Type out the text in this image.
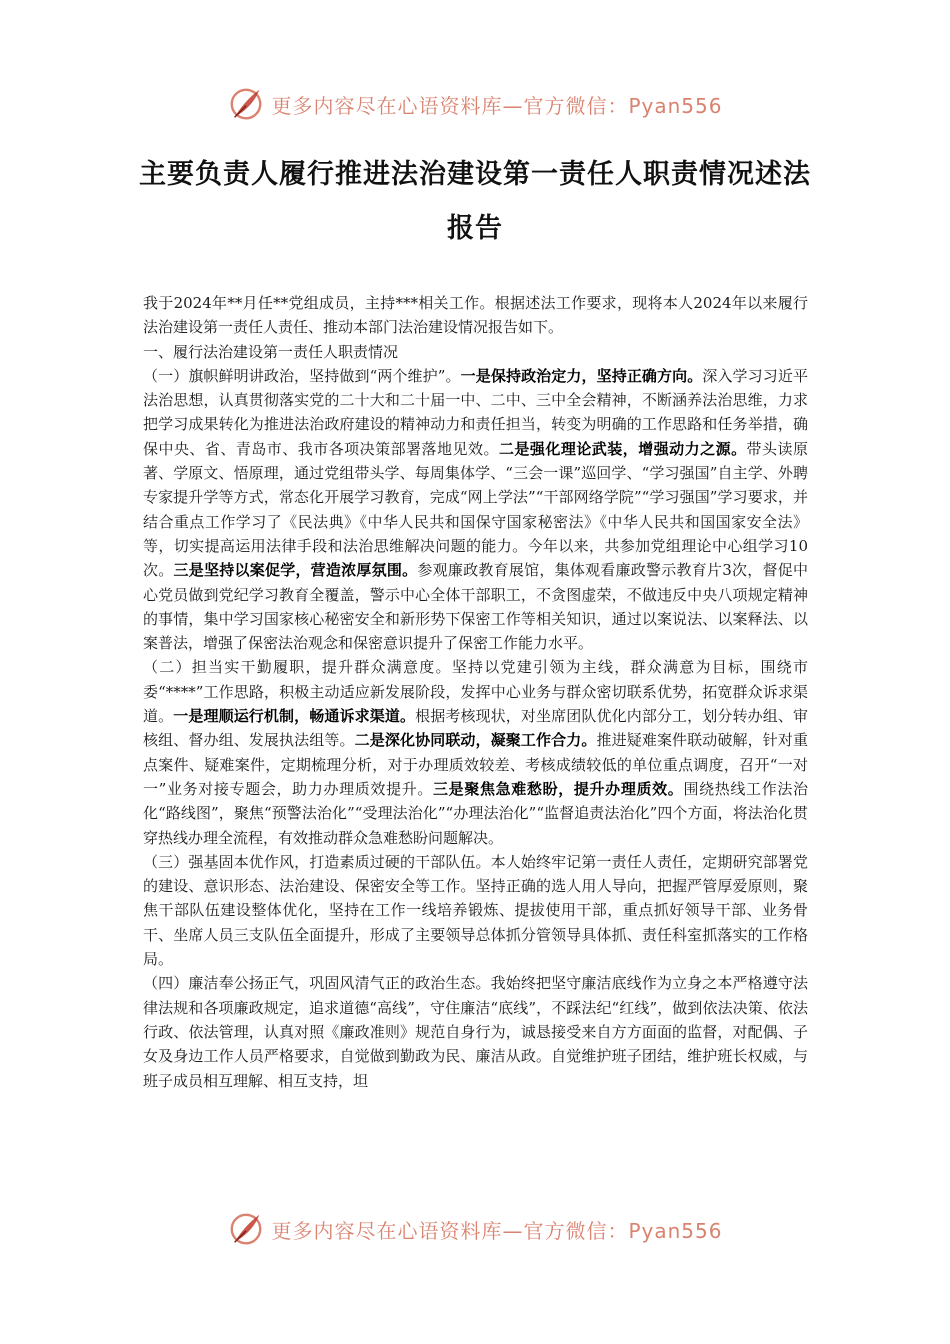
更多内容尽在心语资料库—官方微信：Pyan556
主要负责人履行推进法治建设第一责任人职责情况述法报告

我于2024年**月任**党组成员，主持***相关工作。根据述法工作要求，现将本人2024年以来履行法治建设第一责任人责任、推动本部门法治建设情况报告如下。

一、履行法治建设第一责任人职责情况

（一）旗帜鲜明讲政治，坚持做到“两个维护”。一是保持政治定力，坚持正确方向。深入学习习近平法治思想，认真贯彻落实党的二十大和二十届一中、二中、三中全会精神，不断涵养法治思维，力求把学习成果转化为推进法治政府建设的精神动力和责任担当，转变为明确的工作思路和任务举措，确保中央、省、青岛市、我市各项决策部署落地见效。二是强化理论武装，增强动力之源。带头读原著、学原文、悟原理，通过党组带头学、每周集体学、“三会一课”巡回学、“学习强国”自主学、外聘专家提升学等方式，常态化开展学习教育，完成“网上学法”“干部网络学院”“学习强国”学习要求，并结合重点工作学习了《民法典》《中华人民共和国保守国家秘密法》《中华人民共和国国家安全法》等，切实提高运用法律手段和法治思维解决问题的能力。今年以来，共参加党组理论中心组学习10次。三是坚持以案促学，营造浓厚氛围。参观廉政教育展馆，集体观看廉政警示教育片3次，督促中心党员做到党纪学习教育全覆盖，警示中心全体干部职工，不贪图虚荣，不做违反中央八项规定精神的事情，集中学习国家核心秘密安全和新形势下保密工作等相关知识，通过以案说法、以案释法、以案普法，增强了保密法治观念和保密意识提升了保密工作能力水平。

（二）担当实干勤履职，提升群众满意度。坚持以党建引领为主线，群众满意为目标，围绕市委“****”工作思路，积极主动适应新发展阶段，发挥中心业务与群众密切联系优势，拓宽群众诉求渠道。一是理顺运行机制，畅通诉求渠道。根据考核现状，对坐席团队优化内部分工，划分转办组、审核组、督办组、发展执法组等。二是深化协同联动，凝聚工作合力。推进疑难案件联动破解，针对重点案件、疑难案件，定期梳理分析，对于办理质效较差、考核成绩较低的单位重点调度，召开“一对一”业务对接专题会，助力办理质效提升。三是聚焦急难愁盼，提升办理质效。围绕热线工作法治化“路线图”，聚焦“预警法治化”“受理法治化”“办理法治化”“监督追责法治化”四个方面，将法治化贯穿热线办理全流程，有效推动群众急难愁盼问题解决。

（三）强基固本优作风，打造素质过硬的干部队伍。本人始终牢记第一责任人责任，定期研究部署党的建设、意识形态、法治建设、保密安全等工作。坚持正确的选人用人导向，把握严管厚爱原则，聚焦干部队伍建设整体优化，坚持在工作一线培养锻炼、提拔使用干部，重点抓好领导干部、业务骨干、坐席人员三支队伍全面提升，形成了主要领导总体抓分管领导具体抓、责任科室抓落实的工作格局。

（四）廉洁奉公扬正气，巩固风清气正的政治生态。我始终把坚守廉洁底线作为立身之本严格遵守法律法规和各项廉政规定，追求道德“高线”，守住廉洁“底线”，不踩法纪“红线”，做到依法决策、依法行政、依法管理，认真对照《廉政准则》规范自身行为，诚恳接受来自方方面面的监督，对配偶、子女及身边工作人员严格要求，自觉做到勤政为民、廉洁从政。自觉维护班子团结，维护班长权威，与班子成员相互理解、相互支持，坦

更多内容尽在心语资料库—官方微信：Pyan556
